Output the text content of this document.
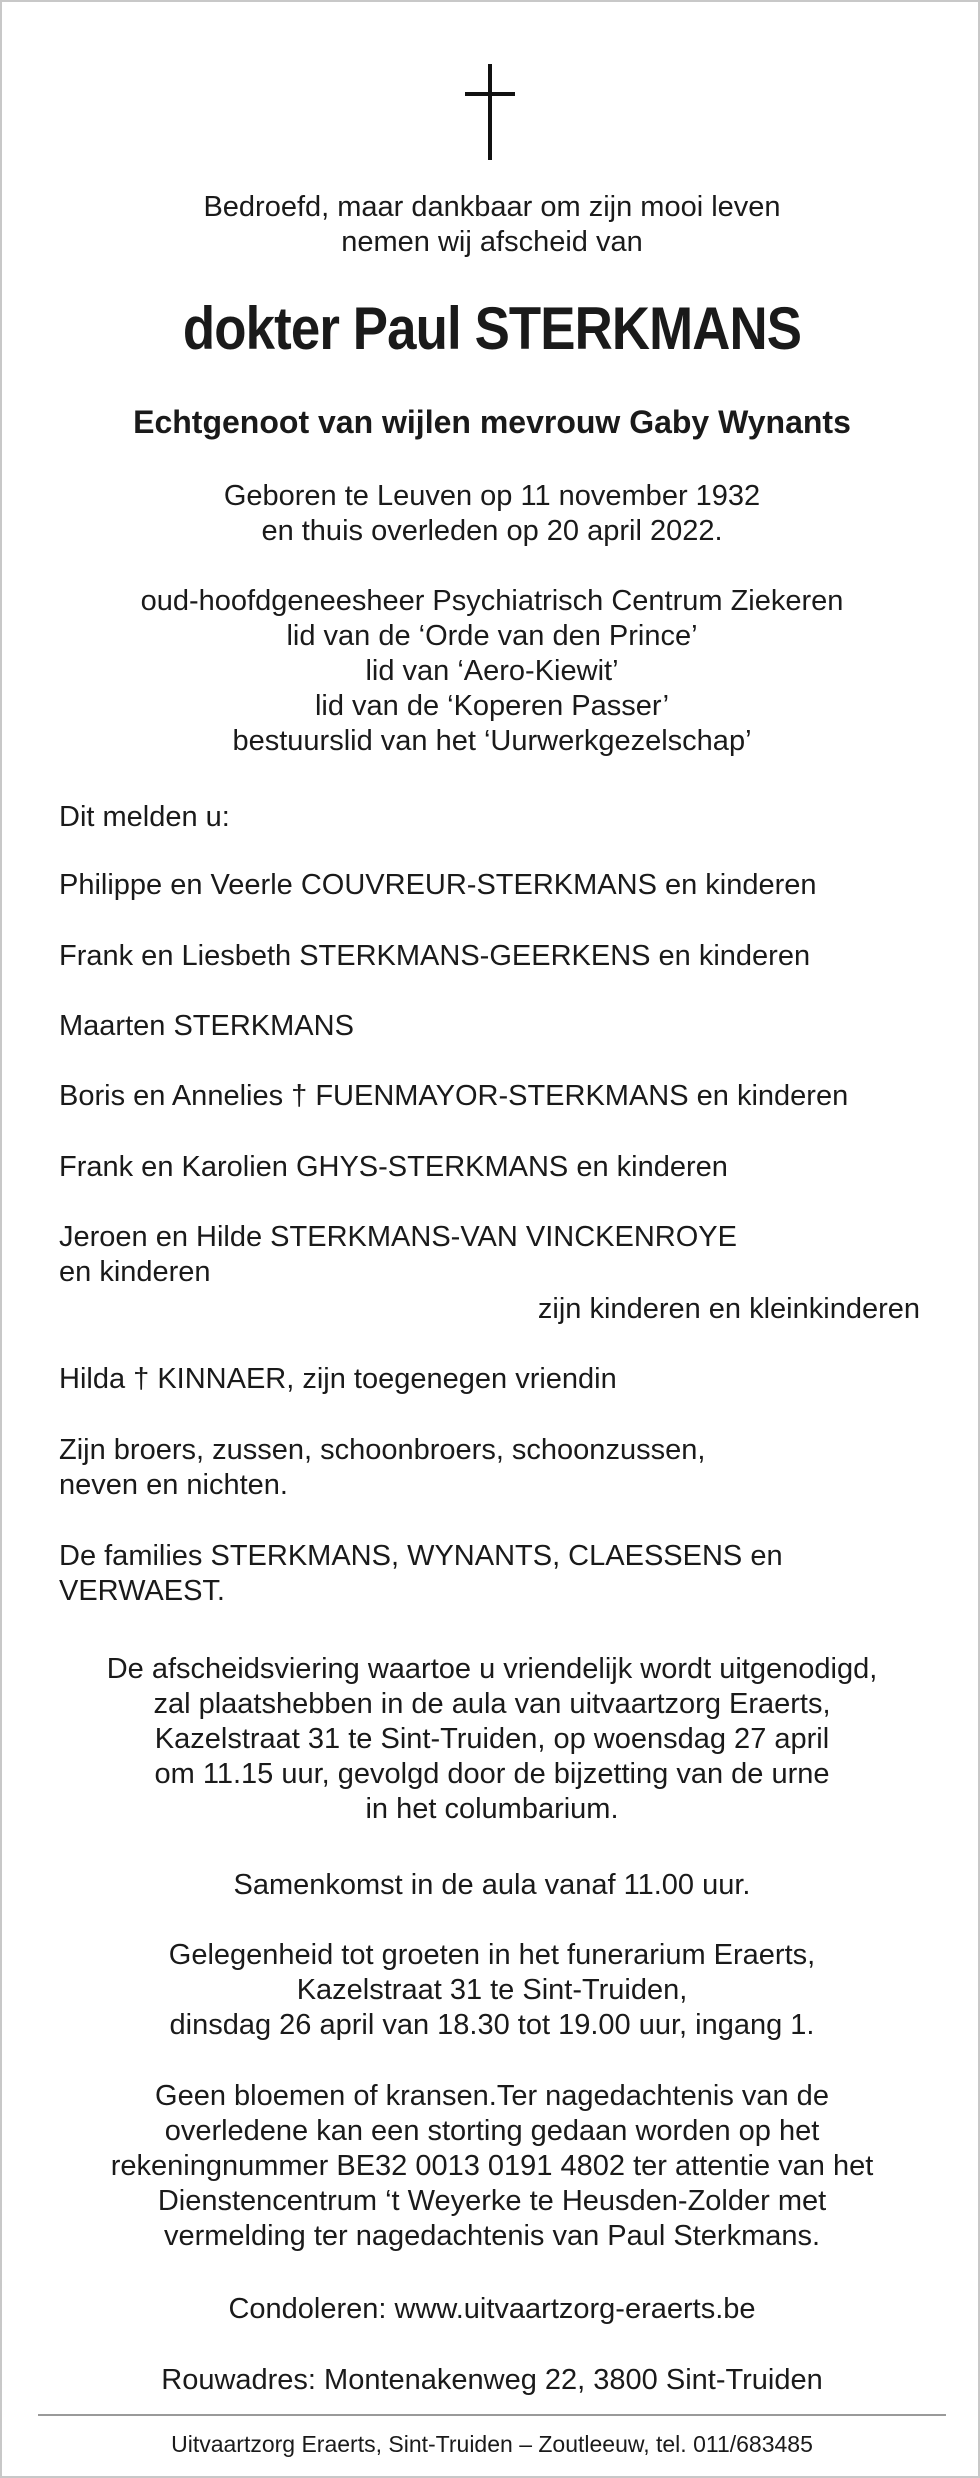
Bedroefd, maar dankbaar om zijn mooi leven
nemen wij afscheid van
dokter Paul STERKMANS
Echtgenoot van wijlen mevrouw Gaby Wynants
Geboren te Leuven op 11 november 1932
en thuis overleden op 20 april 2022.
oud-hoofdgeneesheer Psychiatrisch Centrum Ziekeren
lid van de ‘Orde van den Prince’
lid van ‘Aero-Kiewit’
lid van de ‘Koperen Passer’
bestuurslid van het ‘Uurwerkgezelschap’
Dit melden u:
Philippe en Veerle COUVREUR-STERKMANS en kinderen
Frank en Liesbeth STERKMANS-GEERKENS en kinderen
Maarten STERKMANS
Boris en Annelies † FUENMAYOR-STERKMANS en kinderen
Frank en Karolien GHYS-STERKMANS en kinderen
Jeroen en Hilde STERKMANS-VAN VINCKENROYE
en kinderen
zijn kinderen en kleinkinderen
Hilda † KINNAER, zijn toegenegen vriendin
Zijn broers, zussen, schoonbroers, schoonzussen,
neven en nichten.
De families STERKMANS, WYNANTS, CLAESSENS en
VERWAEST.
De afscheidsviering waartoe u vriendelijk wordt uitgenodigd,
zal plaatshebben in de aula van uitvaartzorg Eraerts,
Kazelstraat 31 te Sint-Truiden, op woensdag 27 april
om 11.15 uur, gevolgd door de bijzetting van de urne
in het columbarium.
Samenkomst in de aula vanaf 11.00 uur.
Gelegenheid tot groeten in het funerarium Eraerts,
Kazelstraat 31 te Sint-Truiden,
dinsdag 26 april van 18.30 tot 19.00 uur, ingang 1.
Geen bloemen of kransen.Ter nagedachtenis van de
overledene kan een storting gedaan worden op het
rekeningnummer BE32 0013 0191 4802 ter attentie van het
Dienstencentrum ‘t Weyerke te Heusden-Zolder met
vermelding ter nagedachtenis van Paul Sterkmans.
Condoleren: www.uitvaartzorg-eraerts.be
Rouwadres: Montenakenweg 22, 3800 Sint-Truiden
Uitvaartzorg Eraerts, Sint-Truiden – Zoutleeuw, tel. 011/683485
